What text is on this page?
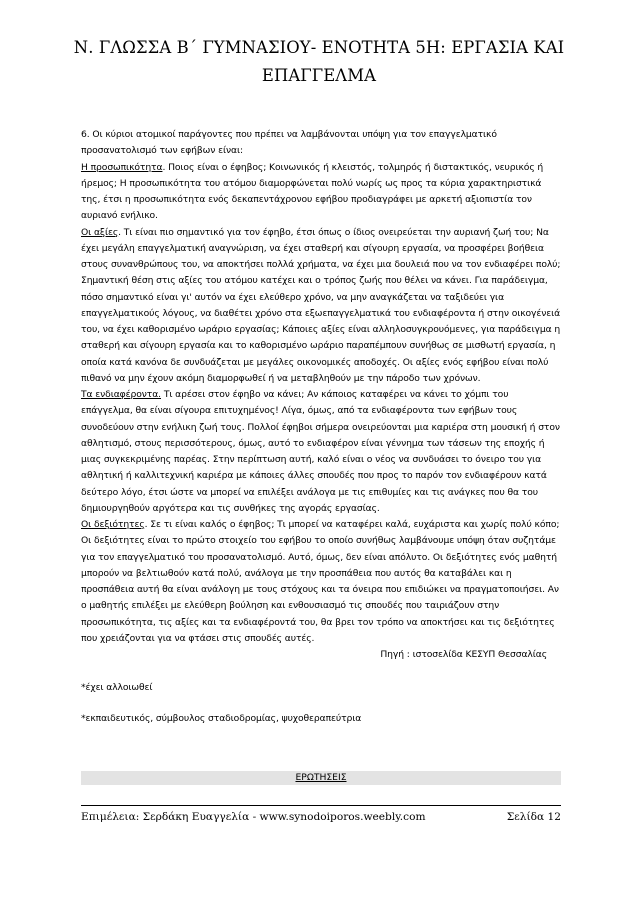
Ν. ΓΛΩΣΣΑ Β΄ ΓΥΜΝΑΣΙΟΥ- ΕΝΟΤΗΤΑ 5Η: ΕΡΓΑΣΙΑ ΚΑΙ
ΕΠΑΓΓΕΛΜΑ

6. Οι κύριοι ατομικοί παράγοντες που πρέπει να λαμβάνονται υπόψη για τον επαγγελματικό προσανατολισμό των εφήβων είναι:

Η προσωπικότητα. Ποιος είναι ο έφηβος; Κοινωνικός ή κλειστός, τολμηρός ή διστακτικός, νευρικός ή ήρεμος; Η προσωπικότητα του ατόμου διαμορφώνεται πολύ νωρίς ως προς τα κύρια χαρακτηριστικά της, έτσι η προσωπικότητα ενός δεκαπεντάχρονου εφήβου προδιαγράφει με αρκετή αξιοπιστία τον αυριανό ενήλικο.

Οι αξίες. Τι είναι πιο σημαντικό για τον έφηβο, έτσι όπως ο ίδιος ονειρεύεται την αυριανή ζωή του; Να έχει μεγάλη επαγγελματική αναγνώριση, να έχει σταθερή και σίγουρη εργασία, να προσφέρει βοήθεια στους συνανθρώπους του, να αποκτήσει πολλά χρήματα, να έχει μια δουλειά που να τον ενδιαφέρει πολύ; Σημαντική θέση στις αξίες του ατόμου κατέχει και ο τρόπος ζωής που θέλει να κάνει. Για παράδειγμα, πόσο σημαντικό είναι γι' αυτόν να έχει ελεύθερο χρόνο, να μην αναγκάζεται να ταξιδεύει για επαγγελματικούς λόγους, να διαθέτει χρόνο στα εξωεπαγγελματικά του ενδιαφέροντα ή στην οικογένειά του, να έχει καθορισμένο ωράριο εργασίας; Κάποιες αξίες είναι αλληλοσυγκρουόμενες, για παράδειγμα η σταθερή και σίγουρη εργασία και το καθορισμένο ωράριο παραπέμπουν συνήθως σε μισθωτή εργασία, η οποία κατά κανόνα δε συνδυάζεται με μεγάλες οικονομικές αποδοχές. Οι αξίες ενός εφήβου είναι πολύ πιθανό να μην έχουν ακόμη διαμορφωθεί ή να μεταβληθούν με την πάροδο των χρόνων.

Τα ενδιαφέροντα. Τι αρέσει στον έφηβο να κάνει; Αν κάποιος καταφέρει να κάνει το χόμπι του επάγγελμα, θα είναι σίγουρα επιτυχημένος! Λίγα, όμως, από τα ενδιαφέροντα των εφήβων τους συνοδεύουν στην ενήλικη ζωή τους. Πολλοί έφηβοι σήμερα ονειρεύονται μια καριέρα στη μουσική ή στον αθλητισμό, στους περισσότερους, όμως, αυτό το ενδιαφέρον είναι γέννημα των τάσεων της εποχής ή μιας συγκεκριμένης παρέας. Στην περίπτωση αυτή, καλό είναι ο νέος να συνδυάσει το όνειρο του για αθλητική ή καλλιτεχνική καριέρα με κάποιες άλλες σπουδές που προς το παρόν τον ενδιαφέρουν κατά δεύτερο λόγο, έτσι ώστε να μπορεί να επιλέξει ανάλογα με τις επιθυμίες και τις ανάγκες που θα του δημιουργηθούν αργότερα και τις συνθήκες της αγοράς εργασίας.

Οι δεξιότητες. Σε τι είναι καλός ο έφηβος; Τι μπορεί να καταφέρει καλά, ευχάριστα και χωρίς πολύ κόπο; Οι δεξιότητες είναι το πρώτο στοιχείο του εφήβου το οποίο συνήθως λαμβάνουμε υπόψη όταν συζητάμε για τον επαγγελματικό του προσανατολισμό. Αυτό, όμως, δεν είναι απόλυτο. Οι δεξιότητες ενός μαθητή μπορούν να βελτιωθούν κατά πολύ, ανάλογα με την προσπάθεια που αυτός θα καταβάλει και η προσπάθεια αυτή θα είναι ανάλογη με τους στόχους και τα όνειρα που επιδιώκει να πραγματοποιήσει. Αν ο μαθητής επιλέξει με ελεύθερη βούληση και ενθουσιασμό τις σπουδές που ταιριάζουν στην προσωπικότητα, τις αξίες και τα ενδιαφέροντά του, θα βρει τον τρόπο να αποκτήσει και τις δεξιότητες που χρειάζονται για να φτάσει στις σπουδές αυτές.

Πηγή : ιστοσελίδα ΚΕΣΥΠ Θεσσαλίας

*έχει αλλοιωθεί

*εκπαιδευτικός, σύμβουλος σταδιοδρομίας, ψυχοθεραπεύτρια

ΕΡΩΤΗΣΕΙΣ
Επιμέλεια: Σερδάκη Ευαγγελία - www.synodoiporos.weebly.com	Σελίδα 12
